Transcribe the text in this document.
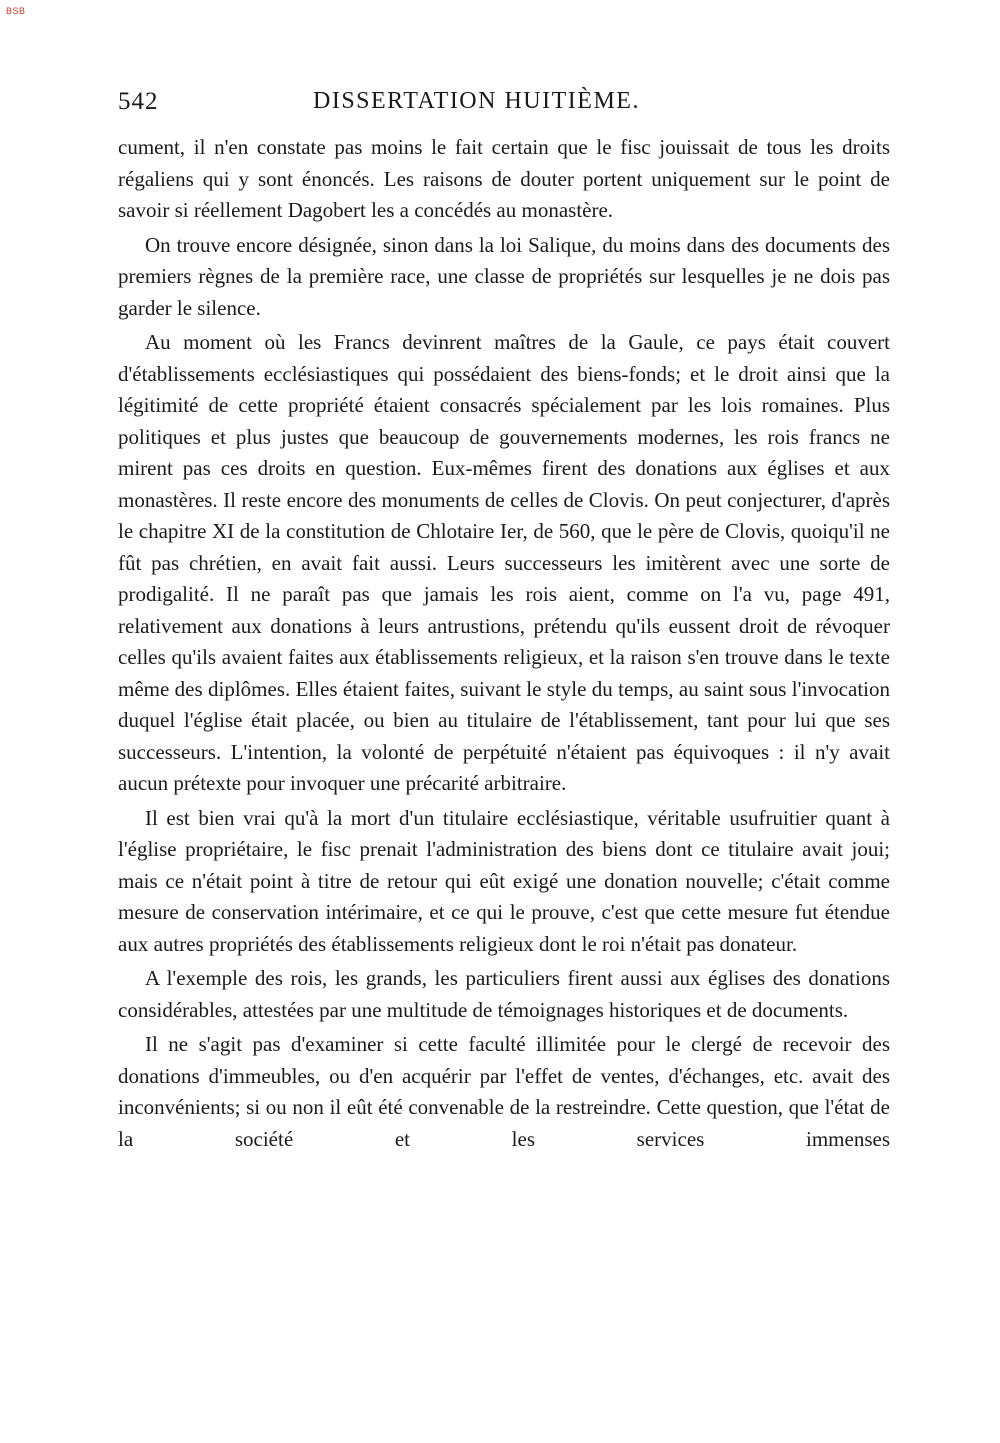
BSB
542	DISSERTATION HUITIÈME.

cument, il n'en constate pas moins le fait certain que le fisc jouissait de tous les droits régaliens qui y sont énoncés. Les raisons de douter portent uniquement sur le point de savoir si réellement Dagobert les a concédés au monastère.

On trouve encore désignée, sinon dans la loi Salique, du moins dans des documents des premiers règnes de la première race, une classe de propriétés sur lesquelles je ne dois pas garder le silence.

Au moment où les Francs devinrent maîtres de la Gaule, ce pays était couvert d'établissements ecclésiastiques qui possédaient des biens-fonds; et le droit ainsi que la légitimité de cette propriété étaient consacrés spécialement par les lois romaines. Plus politiques et plus justes que beaucoup de gouvernements modernes, les rois francs ne mirent pas ces droits en question. Eux-mêmes firent des donations aux églises et aux monastères. Il reste encore des monuments de celles de Clovis. On peut conjecturer, d'après le chapitre XI de la constitution de Chlotaire Ier, de 560, que le père de Clovis, quoiqu'il ne fût pas chrétien, en avait fait aussi. Leurs successeurs les imitèrent avec une sorte de prodigalité. Il ne paraît pas que jamais les rois aient, comme on l'a vu, page 491, relativement aux donations à leurs antrustions, prétendu qu'ils eussent droit de révoquer celles qu'ils avaient faites aux établissements religieux, et la raison s'en trouve dans le texte même des diplômes. Elles étaient faites, suivant le style du temps, au saint sous l'invocation duquel l'église était placée, ou bien au titulaire de l'établissement, tant pour lui que ses successeurs. L'intention, la volonté de perpétuité n'étaient pas équivoques : il n'y avait aucun prétexte pour invoquer une précarité arbitraire.

Il est bien vrai qu'à la mort d'un titulaire ecclésiastique, véritable usufruitier quant à l'église propriétaire, le fisc prenait l'administration des biens dont ce titulaire avait joui; mais ce n'était point à titre de retour qui eût exigé une donation nouvelle; c'était comme mesure de conservation intérimaire, et ce qui le prouve, c'est que cette mesure fut étendue aux autres propriétés des établissements religieux dont le roi n'était pas donateur.

A l'exemple des rois, les grands, les particuliers firent aussi aux églises des donations considérables, attestées par une multitude de témoignages historiques et de documents.

Il ne s'agit pas d'examiner si cette faculté illimitée pour le clergé de recevoir des donations d'immeubles, ou d'en acquérir par l'effet de ventes, d'échanges, etc. avait des inconvénients; si ou non il eût été convenable de la restreindre. Cette question, que l'état de la société et les services immenses
